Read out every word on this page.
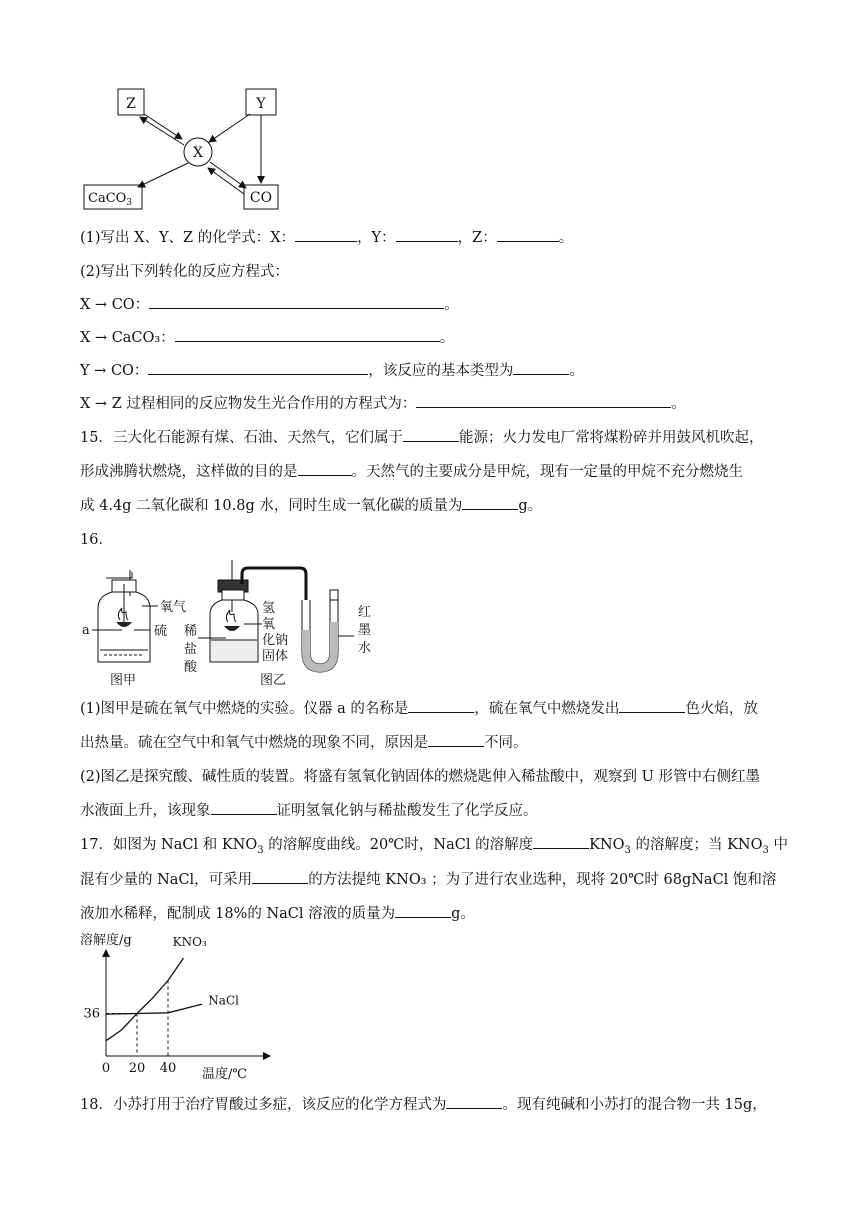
Z	Y
X
CaCO$_3$	CO
(1)写出 X、Y、Z 的化学式：X：	，Y：	，Z：	。
(2)写出下列转化的反应方程式：
X → CO：	。
X → CaCO₃：	。
Y → CO：	，该反应的基本类型为	。
X → Z 过程相同的反应物发生光合作用的方程式为：	。
15．三大化石能源有煤、石油、天然气，它们属于	能源；火力发电厂常将煤粉碎并用鼓风机吹起，
形成沸腾状燃烧，这样做的目的是	。天然气的主要成分是甲烷，现有一定量的甲烷不充分燃烧生
成 4.4g 二氧化碳和 10.8g 水，同时生成一氧化碳的质量为	g。
16．
氧气
a	硫
图甲
氢
氧
化钠
固体
稀
盐
酸
红
墨
水
图乙
(1)图甲是硫在氧气中燃烧的实验。仪器 a 的名称是	，硫在氧气中燃烧发出	色火焰，放
出热量。硫在空气中和氧气中燃烧的现象不同，原因是	不同。
(2)图乙是探究酸、碱性质的装置。将盛有氢氧化钠固体的燃烧匙伸入稀盐酸中，观察到 U 形管中右侧红墨
水液面上升，该现象	证明氢氧化钠与稀盐酸发生了化学反应。
17．如图为 NaCl 和 $KNO_3$ 的溶解度曲线。20℃时，NaCl 的溶解度	$KNO_3$ 的溶解度；当 $KNO_3$ 中
混有少量的 NaCl，可采用	的方法提纯 KNO₃ ；为了进行农业选种，现将 20℃时 68gNaCl 饱和溶
液加水稀释，配制成 18%的 NaCl 溶液的质量为	g。
溶解度/g
0 20 40
36
KNO₃
NaCl
温度/℃
18．小苏打用于治疗胃酸过多症，该反应的化学方程式为	。现有纯碱和小苏打的混合物一共 15g，
